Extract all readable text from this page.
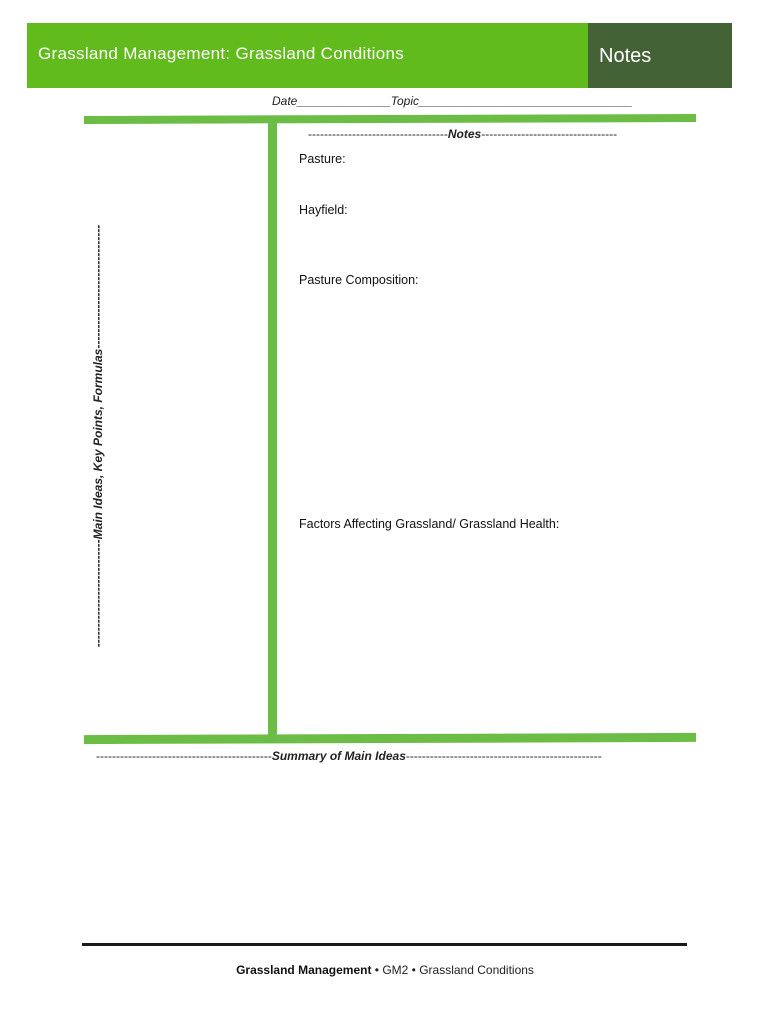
Grassland Management: Grassland Conditions	Notes
Date______________Topic________________________________
-----------------------------------Notes----------------------------------
---------------------------Main Ideas, Key Points, Formulas-------------------------------
Pasture:
Hayfield:
Pasture Composition:
Factors Affecting Grassland/ Grassland Health:
--------------------------------------------Summary of Main Ideas-------------------------------------------------
Grassland Management • GM2 • Grassland Conditions
